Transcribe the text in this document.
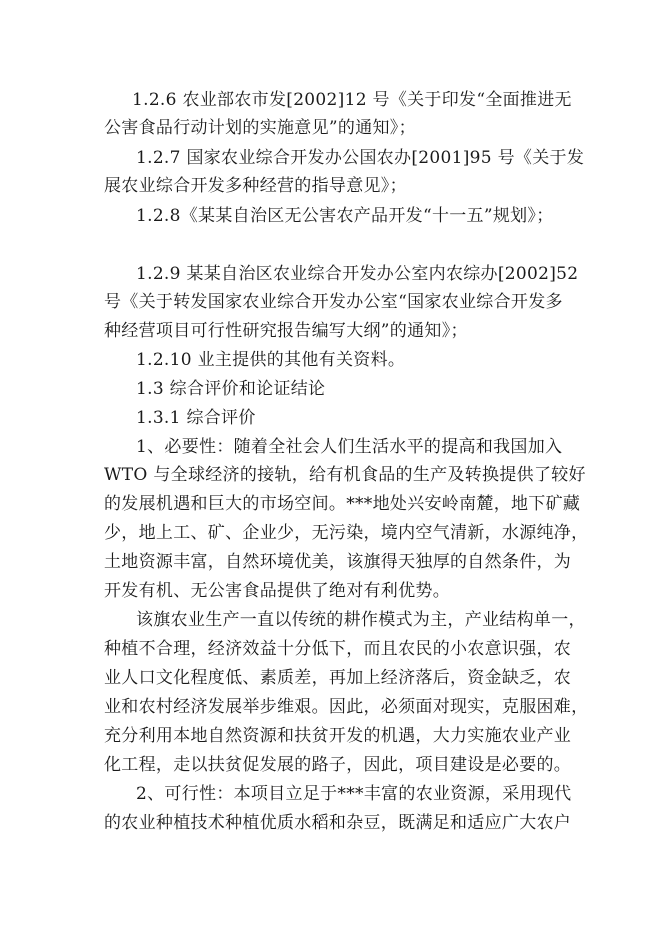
1.2.6 农业部农市发[2002]12 号《关于印发“全面推进无
公害食品行动计划的实施意见”的通知》；
1.2.7 国家农业综合开发办公国农办[2001]95 号《关于发
展农业综合开发多种经营的指导意见》；
1.2.8《某某自治区无公害农产品开发“十一五”规划》；
1.2.9 某某自治区农业综合开发办公室内农综办[2002]52
号《关于转发国家农业综合开发办公室“国家农业综合开发多
种经营项目可行性研究报告编写大纲”的通知》；
1.2.10 业主提供的其他有关资料。
1.3 综合评价和论证结论
1.3.1 综合评价
1、必要性：随着全社会人们生活水平的提高和我国加入
WTO 与全球经济的接轨，给有机食品的生产及转换提供了较好
的发展机遇和巨大的市场空间。***地处兴安岭南麓，地下矿藏
少，地上工、矿、企业少，无污染，境内空气清新，水源纯净，
土地资源丰富，自然环境优美，该旗得天独厚的自然条件，为
开发有机、无公害食品提供了绝对有利优势。
该旗农业生产一直以传统的耕作模式为主，产业结构单一，
种植不合理，经济效益十分低下，而且农民的小农意识强，农
业人口文化程度低、素质差，再加上经济落后，资金缺乏，农
业和农村经济发展举步维艰。因此，必须面对现实，克服困难，
充分利用本地自然资源和扶贫开发的机遇，大力实施农业产业
化工程，走以扶贫促发展的路子，因此，项目建设是必要的。
2、可行性：本项目立足于***丰富的农业资源，采用现代
的农业种植技术种植优质水稻和杂豆，既满足和适应广大农户
